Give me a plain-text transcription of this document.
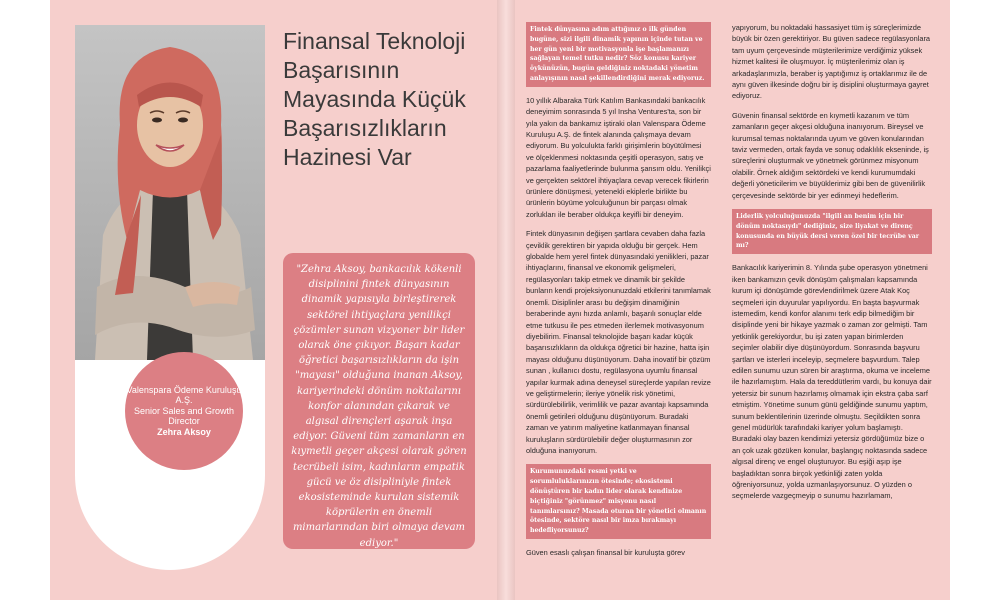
Valenspara Ödeme Kuruluşu A.Ş.
Senior Sales and Growth Director
Zehra Aksoy
Finansal Teknoloji Başarısının Mayasında Küçük Başarısızlıkların Hazinesi Var

"Zehra Aksoy, bankacılık kökenli disiplinini fintek dünyasının dinamik yapısıyla birleştirerek sektörel ihtiyaçlara yenilikçi çözümler sunan vizyoner bir lider olarak öne çıkıyor. Başarı kadar öğretici başarısızlıkların da işin "mayası" olduğuna inanan Aksoy, kariyerindeki dönüm noktalarını konfor alanından çıkarak ve algısal dirençleri aşarak inşa ediyor. Güveni tüm zamanların en kıymetli geçer akçesi olarak gören tecrübeli isim, kadınların empatik gücü ve öz disipliniyle fintek ekosisteminde kurulan sistemik köprülerin en önemli mimarlarından biri olmaya devam ediyor."

Fintek dünyasına adım attığınız o ilk günden bugüne, sizi ilgili dinamik yapının içinde tutan ve her gün yeni bir motivasyonla işe başlamanızı sağlayan temel tutku nedir? Söz konusu kariyer öykünüzün, bugün geldiğiniz noktadaki yönetim anlayışının nasıl şekillendirdiğini merak ediyoruz.

10 yıllık Albaraka Türk Katılım Bankasındaki bankacılık deneyimim sonrasında 5 yıl Insha Ventures'ta, son bir yıla yakın da bankamız iştiraki olan Valenspara Ödeme Kuruluşu A.Ş. de fintek alanında çalışmaya devam ediyorum. Bu yolculukta farklı girişimlerin büyütülmesi ve ölçeklenmesi noktasında çeşitli operasyon, satış ve pazarlama faaliyetlerinde bulunma şansım oldu. Yenilikçi ve gerçekten sektörel ihtiyaçlara cevap verecek fikirlerin ürünlere dönüşmesi, yetenekli ekiplerle birlikte bu ürünlerin büyüme yolculuğunun bir parçası olmak zorlukları ile beraber oldukça keyifli bir deneyim.

Fintek dünyasının değişen şartlara cevaben daha fazla çeviklik gerektiren bir yapıda olduğu bir gerçek. Hem globalde hem yerel fintek dünyasındaki yenilikleri, pazar ihtiyaçlarını, finansal ve ekonomik gelişmeleri, regülasyonları takip etmek ve dinamik bir şekilde bunların kendi projeksiyonunuzdaki etkilerini tanımlamak önemli. Disiplinler arası bu değişim dinamiğinin beraberinde aynı hızda anlamlı, başarılı sonuçlar elde etme tutkusu ile pes etmeden ilerlemek motivasyonum diyebilirim. Finansal teknolojide başarı kadar küçük başarısızlıkların da oldukça öğretici bir hazine, hatta işin mayası olduğunu düşünüyorum. Daha inovatif bir çözüm sunan , kullanıcı dostu, regülasyona uyumlu finansal yapılar kurmak adına deneysel süreçlerde yapılan revize ve geliştirmelerin; ileriye yönelik risk yönetimi, sürdürülebilirlik, verimlilik ve pazar avantajı kapsamında önemli getirileri olduğunu düşünüyorum. Buradaki zaman ve yatırım maliyetine katlanmayan finansal kuruluşların sürdürülebilir değer oluşturmasının zor olduğuna inanıyorum.

Kurumunuzdaki resmi yetki ve sorumluluklarınızın ötesinde; ekosistemi dönüştüren bir kadın lider olarak kendinize biçtiğiniz "görünmez" misyonu nasıl tanımlarsınız? Masada oturan bir yönetici olmanın ötesinde, sektöre nasıl bir imza bırakmayı hedefliyorsunuz?

Güven esaslı çalışan finansal bir kuruluşta görev

yapıyorum, bu noktadaki hassasiyet tüm iş süreçlerimizde büyük bir özen gerektiriyor. Bu güven sadece regülasyonlara tam uyum çerçevesinde müşterilerimize verdiğimiz yüksek hizmet kalitesi ile oluşmuyor. İç müşterilerimiz olan iş arkadaşlarımızla, beraber iş yaptığımız iş ortaklarımız ile de aynı güven ilkesinde doğru bir iş disiplini oluşturmaya gayret ediyoruz.

Güvenin finansal sektörde en kıymetli kazanım ve tüm zamanların geçer akçesi olduğuna inanıyorum. Bireysel ve kurumsal temas noktalarında uyum ve güven konularından taviz vermeden, ortak fayda ve sonuç odaklılık ekseninde, iş süreçlerini oluşturmak ve yönetmek görünmez misyonum olabilir. Örnek aldığım sektördeki ve kendi kurumumdaki değerli yöneticilerim ve büyüklerimiz gibi ben de güvenilirlik çerçevesinde sektörde bir yer edinmeyi hedeflerim.

Liderlik yolculuğunuzda "ilgili an benim için bir dönüm noktasıydı" dediğiniz, size liyakat ve direnç konusunda en büyük dersi veren özel bir tecrübe var mı?

Bankacılık kariyerimin 8. Yılında şube operasyon yönetmeni iken bankamızın çevik dönüşüm çalışmaları kapsamında kurum içi dönüşümde görevlendirilmek üzere Atak Koç seçmeleri için duyurular yapılıyordu. En başta başvurmak istemedim, kendi konfor alanımı terk edip bilmediğim bir disiplinde yeni bir hikaye yazmak o zaman zor gelmişti. Tam yetkinlik gerekiyordur, bu işi zaten yapan birimlerden seçimler olabilir diye düşünüyordum. Sonrasında başvuru şartları ve isterleri inceleyip, seçmelere başvurdum. Talep edilen sunumu uzun süren bir araştırma, okuma ve inceleme ile hazırlamıştım. Hala da tereddütlerim vardı, bu konuya dair yetersiz bir sunum hazırlamış olmamak için ekstra çaba sarf etmiştim. Yönetime sunum günü geldiğinde sunumu yaptım, sunum beklentilerinin üzerinde olmuştu. Seçildikten sonra genel müdürlük tarafındaki kariyer yolum başlamıştı. Buradaki olay bazen kendimizi yetersiz gördüğümüz bize o an çok uzak gözüken konular, başlangıç noktasında sadece algısal direnç ve engel oluşturuyor. Bu eşiği aşıp işe başladıktan sonra birçok yetkinliği zaten yolda öğreniyorsunuz, yolda uzmanlaşıyorsunuz. O yüzden o seçmelerde vazgeçmeyip o sunumu hazırlamam,
